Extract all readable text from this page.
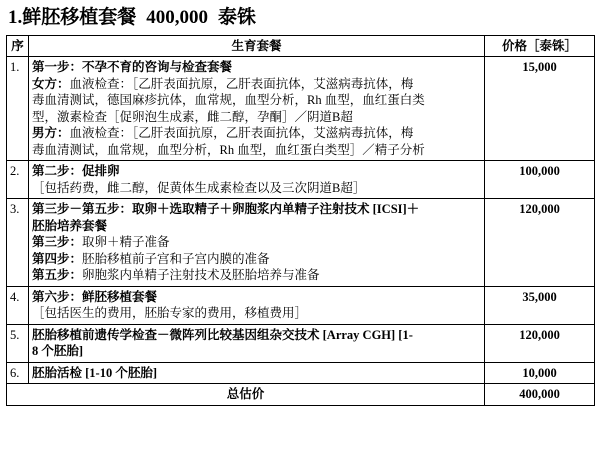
1.鲜胚移植套餐 400,000 泰铢
序	生育套餐	价格［泰铢］
1.	第一步：不孕不育的咨询与检查套餐

女方：血液检查：［乙肝表面抗原，乙肝表面抗体，艾滋病毒抗体，梅

毒血清测试，德国麻疹抗体，血常规，血型分析，Rh 血型，血红蛋白类

型，激素检查［促卵泡生成素，雌二醇，孕酮］／阴道B超

男方：血液检查：［乙肝表面抗原，乙肝表面抗体，艾滋病毒抗体，梅

毒血清测试，血常规，血型分析，Rh 血型，血红蛋白类型］／精子分析

	15,000
2.	第二步：促排卵

［包括药费，雌二醇，促黄体生成素检查以及三次阴道B超］	100,000
3.	第三步－第五步：取卵＋选取精子＋卵胞浆内单精子注射技术 [ICSI]＋

胚胎培养套餐

第三步：取卵＋精子准备

第四步：胚胎移植前子宫和子宫内膜的准备

第五步：卵胞浆内单精子注射技术及胚胎培养与准备	120,000
4.	第六步：鲜胚移植套餐

［包括医生的费用，胚胎专家的费用，移植费用］	35,000
5.	胚胎移植前遗传学检查－微阵列比较基因组杂交技术 [Array CGH] [1-

8 个胚胎]	120,000
6.	胚胎活检 [1-10 个胚胎]	10,000
总估价		400,000
